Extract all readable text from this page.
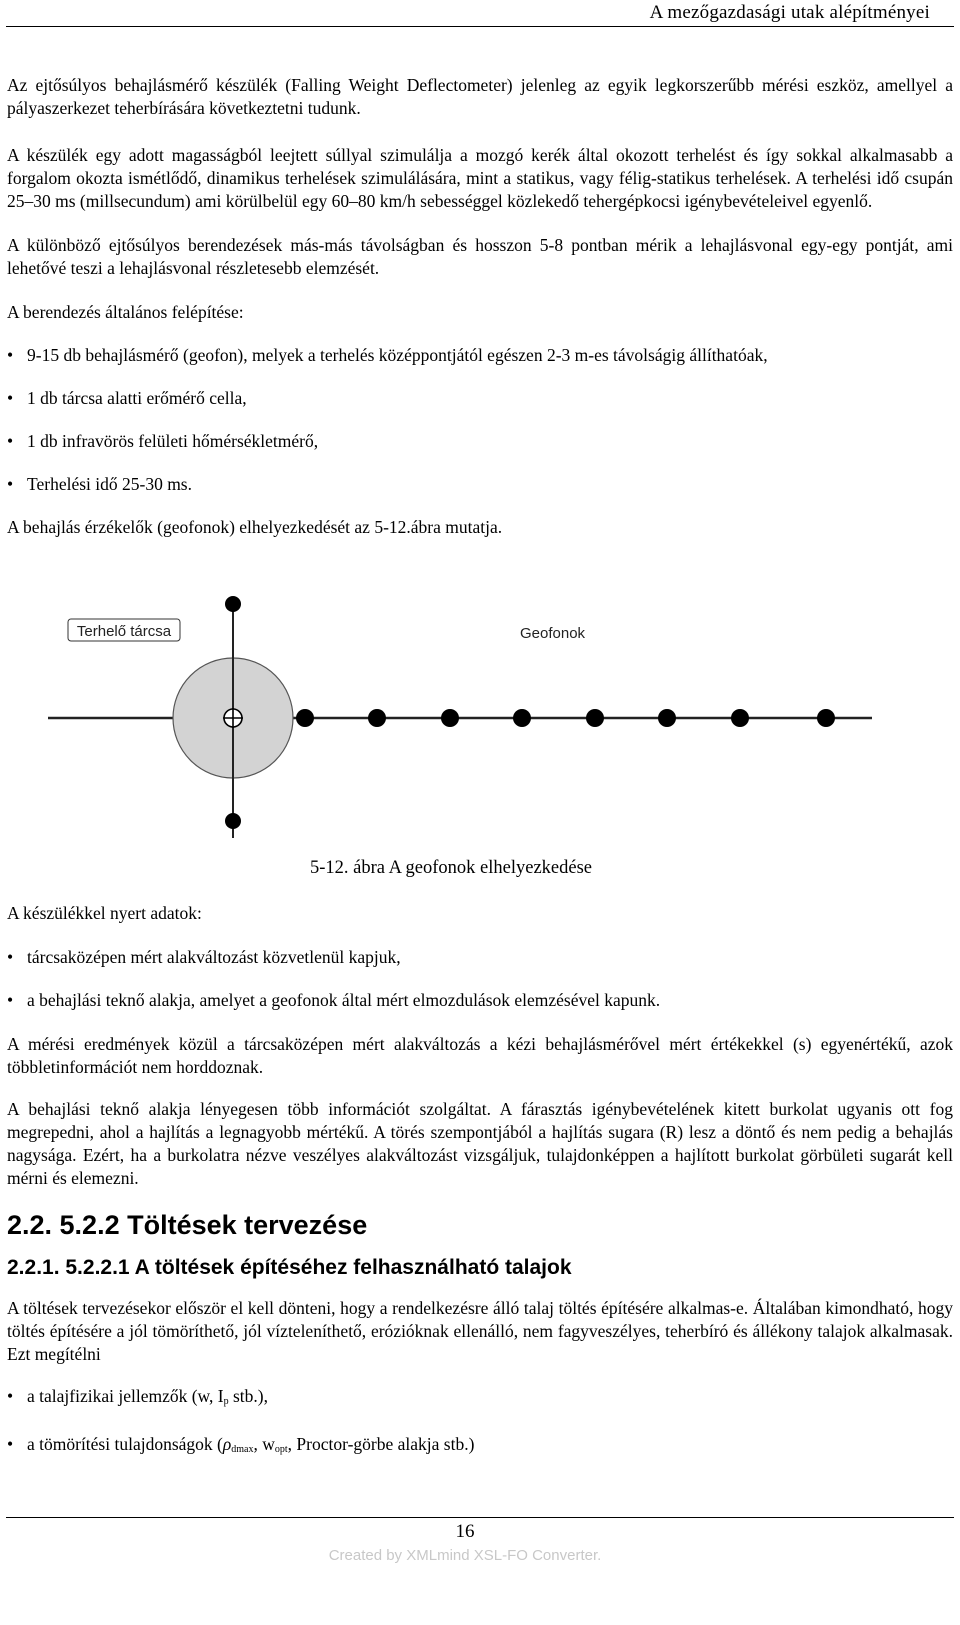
A mezőgazdasági utak alépítményei

Az ejtősúlyos behajlásmérő készülék (Falling Weight Deflectometer) jelenleg az egyik legkorszerűbb mérési eszköz, amellyel a pályaszerkezet teherbírására következtetni tudunk.

A készülék egy adott magasságból leejtett súllyal szimulálja a mozgó kerék által okozott terhelést és így sokkal alkalmasabb a forgalom okozta ismétlődő, dinamikus terhelések szimulálására, mint a statikus, vagy félig-statikus terhelések. A terhelési idő csupán 25–30 ms (millsecundum) ami körülbelül egy 60–80 km/h sebességgel közlekedő tehergépkocsi igénybevételeivel egyenlő.

A különböző ejtősúlyos berendezések más-más távolságban és hosszon 5-8 pontban mérik a lehajlásvonal egy-egy pontját, ami lehetővé teszi a lehajlásvonal részletesebb elemzését.

A berendezés általános felépítése:

• 9-15 db behajlásmérő (geofon), melyek a terhelés középpontjától egészen 2-3 m-es távolságig állíthatóak,
• 1 db tárcsa alatti erőmérő cella,
• 1 db infravörös felületi hőmérsékletmérő,
• Terhelési idő 25-30 ms.

A behajlás érzékelők (geofonok) elhelyezkedését az 5-12.ábra mutatja.

Terhelő tárcsa	Geofonok
5-12. ábra A geofonok elhelyezkedése

A készülékkel nyert adatok:

• tárcsaközépen mért alakváltozást közvetlenül kapjuk,
• a behajlási teknő alakja, amelyet a geofonok által mért elmozdulások elemzésével kapunk.

A mérési eredmények közül a tárcsaközépen mért alakváltozás a kézi behajlásmérővel mért értékekkel (s) egyenértékű, azok többletinformációt nem horddoznak.

A behajlási teknő alakja lényegesen több információt szolgáltat. A fárasztás igénybevételének kitett burkolat ugyanis ott fog megrepedni, ahol a hajlítás a legnagyobb mértékű. A törés szempontjából a hajlítás sugara (R) lesz a döntő és nem pedig a behajlás nagysága. Ezért, ha a burkolatra nézve veszélyes alakváltozást vizsgáljuk, tulajdonképpen a hajlított burkolat görbületi sugarát kell mérni és elemezni.

2.2. 5.2.2 Töltések tervezése
2.2.1. 5.2.2.1 A töltések építéséhez felhasználható talajok

A töltések tervezésekor először el kell dönteni, hogy a rendelkezésre álló talaj töltés építésére alkalmas-e. Általában kimondható, hogy töltés építésére a jól tömöríthető, jól vízteleníthető, erózióknak ellenálló, nem fagyveszélyes, teherbíró és állékony talajok alkalmasak. Ezt megítélni

• a talajfizikai jellemzők (w, $I_p$ stb.),
• a tömörítési tulajdonságok ($\rho_{dmax}$, $w_{opt}$, Proctor-görbe alakja stb.)
16
Created by XMLmind XSL-FO Converter.
